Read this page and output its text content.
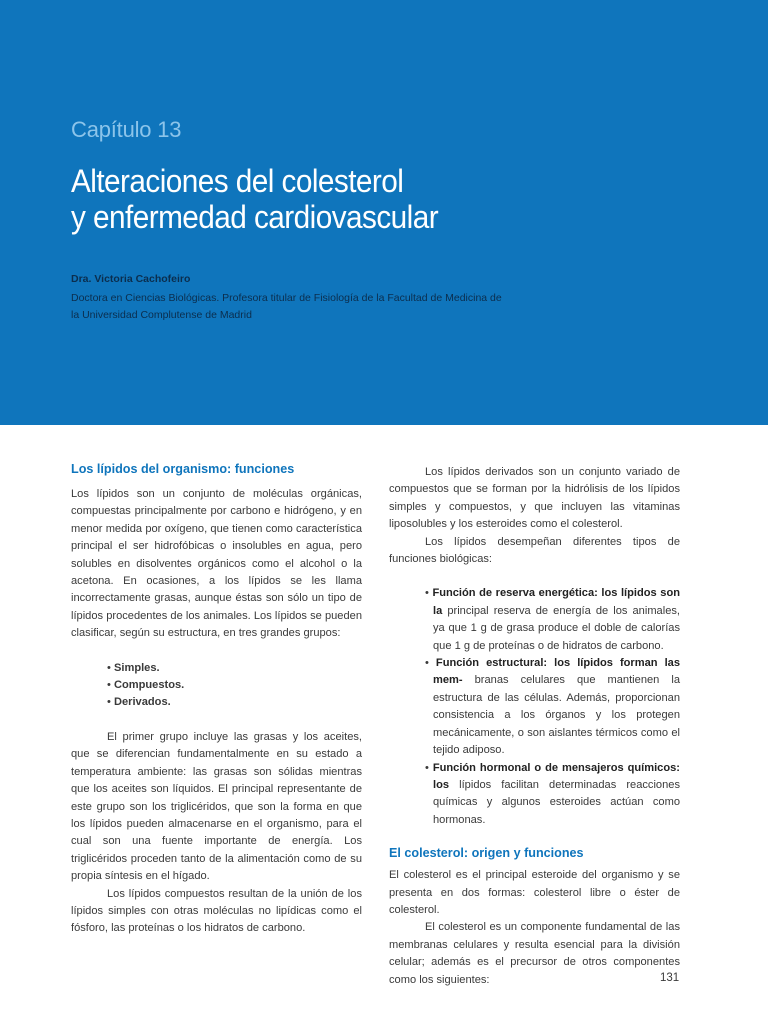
Capítulo 13
Alteraciones del colesterol
y enfermedad cardiovascular
Dra. Victoria Cachofeiro
Doctora en Ciencias Biológicas. Profesora titular de Fisiología de la Facultad de Medicina de la Universidad Complutense de Madrid
Los lípidos del organismo: funciones

Los lípidos son un conjunto de moléculas orgánicas, compuestas principalmente por carbono e hidrógeno, y en menor medida por oxígeno, que tienen como característica principal el ser hidrofóbicas o insolubles en agua, pero solubles en disolventes orgánicos como el alcohol o la acetona. En ocasiones, a los lípidos se les llama incorrectamente grasas, aunque éstas son sólo un tipo de lípidos procedentes de los animales. Los lípidos se pueden clasificar, según su estructura, en tres grandes grupos:

• Simples.
• Compuestos.
• Derivados.

El primer grupo incluye las grasas y los aceites, que se diferencian fundamentalmente en su estado a temperatura ambiente: las grasas son sólidas mientras que los aceites son líquidos. El principal representante de este grupo son los triglicéridos, que son la forma en que los lípidos pueden almacenarse en el organismo, para el cual son una fuente importante de energía. Los triglicéridos proceden tanto de la alimentación como de su propia síntesis en el hígado.

Los lípidos compuestos resultan de la unión de los lípidos simples con otras moléculas no lipídicas como el fósforo, las proteínas o los hidratos de carbono.

Los lípidos derivados son un conjunto variado de compuestos que se forman por la hidrólisis de los lípidos simples y compuestos, y que incluyen las vitaminas liposolubles y los esteroides como el colesterol.

Los lípidos desempeñan diferentes tipos de funciones biológicas:

• Función de reserva energética: los lípidos son la principal reserva de energía de los animales, ya que 1 g de grasa produce el doble de calorías que 1 g de proteínas o de hidratos de carbono.
• Función estructural: los lípidos forman las mem- branas celulares que mantienen la estructura de las células. Además, proporcionan consistencia a los órganos y los protegen mecánicamente, o son aislantes térmicos como el tejido adiposo.
• Función hormonal o de mensajeros químicos: los lípidos facilitan determinadas reacciones químicas y algunos esteroides actúan como hormonas.
El colesterol: origen y funciones

El colesterol es el principal esteroide del organismo y se presenta en dos formas: colesterol libre o éster de colesterol.

El colesterol es un componente fundamental de las membranas celulares y resulta esencial para la división celular; además es el precursor de otros componentes como los siguientes:	131
